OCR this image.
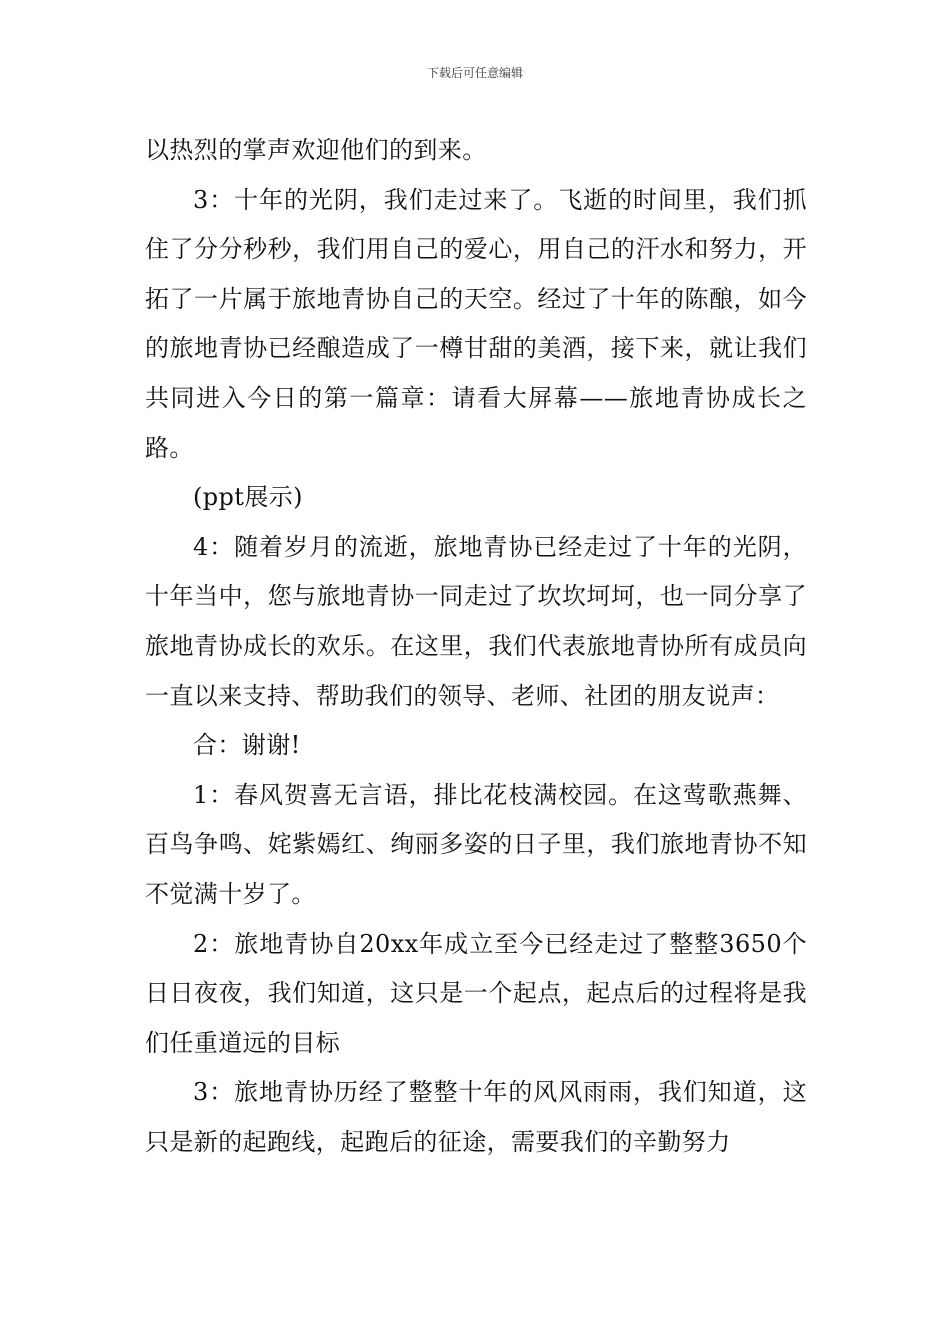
下载后可任意编辑

以热烈的掌声欢迎他们的到来。

3：十年的光阴，我们走过来了。飞逝的时间里，我们抓住了分分秒秒，我们用自己的爱心，用自己的汗水和努力，开拓了一片属于旅地青协自己的天空。经过了十年的陈酿，如今的旅地青协已经酿造成了一樽甘甜的美酒，接下来，就让我们共同进入今日的第一篇章：请看大屏幕——旅地青协成长之路。

(ppt展示)

4：随着岁月的流逝，旅地青协已经走过了十年的光阴，十年当中，您与旅地青协一同走过了坎坎坷坷，也一同分享了旅地青协成长的欢乐。在这里，我们代表旅地青协所有成员向一直以来支持、帮助我们的领导、老师、社团的朋友说声：

合：谢谢!

1：春风贺喜无言语，排比花枝满校园。在这莺歌燕舞、百鸟争鸣、姹紫嫣红、绚丽多姿的日子里，我们旅地青协不知不觉满十岁了。

2：旅地青协自20xx年成立至今已经走过了整整3650个日日夜夜，我们知道，这只是一个起点，起点后的过程将是我们任重道远的目标

3：旅地青协历经了整整十年的风风雨雨，我们知道，这只是新的起跑线，起跑后的征途，需要我们的辛勤努力
